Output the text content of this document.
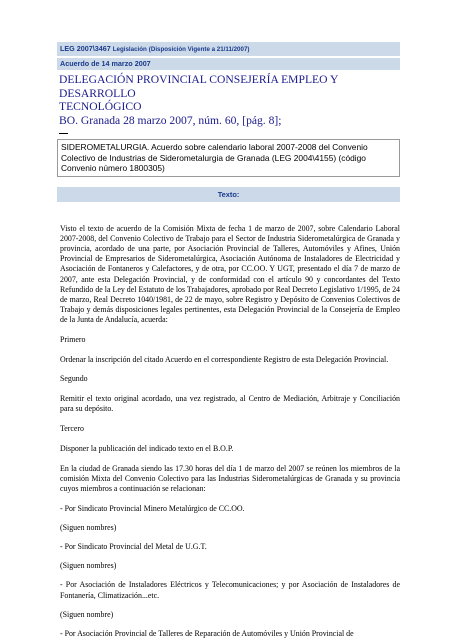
LEG 2007\3467 Legislación (Disposición Vigente a 21/11/2007)
Acuerdo de 14 marzo 2007
DELEGACIÓN PROVINCIAL CONSEJERÍA EMPLEO Y DESARROLLO
TECNOLÓGICO
BO. Granada 28 marzo 2007, núm. 60, [pág. 8];
SIDEROMETALURGIA. Acuerdo sobre calendario laboral 2007-2008 del Convenio Colectivo de Industrias de Siderometalurgia de Granada (LEG 2004\4155) (código Convenio número 1800305)
Texto:

Visto el texto de acuerdo de la Comisión Mixta de fecha 1 de marzo de 2007, sobre Calendario Laboral 2007-2008, del Convenio Colectivo de Trabajo para el Sector de Industria Siderometalúrgica de Granada y provincia, acordado de una parte, por Asociación Provincial de Talleres, Automóviles y Afines, Unión Provincial de Empresarios de Siderometalúrgica, Asociación Autónoma de Instaladores de Electricidad y Asociación de Fontaneros y Calefactores, y de otra, por CC.OO. Y UGT, presentado el día 7 de marzo de 2007, ante esta Delegación Provincial, y de conformidad con el artículo 90 y concordantes del Texto Refundido de la Ley del Estatuto de los Trabajadores, aprobado por Real Decreto Legislativo 1/1995, de 24 de marzo, Real Decreto 1040/1981, de 22 de mayo, sobre Registro y Depósito de Convenios Colectivos de Trabajo y demás disposiciones legales pertinentes, esta Delegación Provincial de la Consejería de Empleo de la Junta de Andalucía, acuerda:

Primero

Ordenar la inscripción del citado Acuerdo en el correspondiente Registro de esta Delegación Provincial.

Segundo

Remitir el texto original acordado, una vez registrado, al Centro de Mediación, Arbitraje y Conciliación para su depósito.

Tercero

Disponer la publicación del indicado texto en el B.O.P.

En la ciudad de Granada siendo las 17.30 horas del día 1 de marzo del 2007 se reúnen los miembros de la comisión Mixta del Convenio Colectivo para las Industrias Siderometalúrgicas de Granada y su provincia cuyos miembros a continuación se relacionan:

- Por Sindicato Provincial Minero Metalúrgico de CC.OO.

(Siguen nombres)

- Por Sindicato Provincial del Metal de U.G.T.

(Siguen nombres)

- Por Asociación de Instaladores Eléctricos y Telecomunicaciones; y por Asociación de Instaladores de Fontanería, Climatización...etc.

(Siguen nombre)

- Por Asociación Provincial de Talleres de Reparación de Automóviles y Unión Provincial de
